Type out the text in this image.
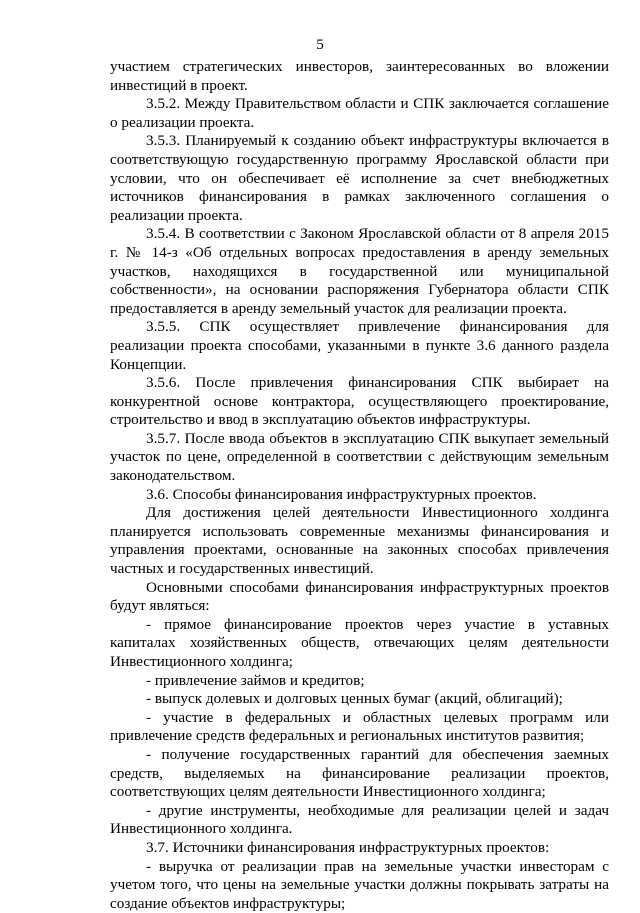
5

участием стратегических инвесторов, заинтересованных во вложении инвестиций в проект.

3.5.2. Между Правительством области и СПК заключается соглашение о реализации проекта.

3.5.3. Планируемый к созданию объект инфраструктуры включается в соответствующую государственную программу Ярославской области при условии, что он обеспечивает её исполнение за счет внебюджетных источников финансирования в рамках заключенного соглашения о реализации проекта.

3.5.4. В соответствии с Законом Ярославской области от 8 апреля 2015 г. № 14-з «Об отдельных вопросах предоставления в аренду земельных участков, находящихся в государственной или муниципальной собственности», на основании распоряжения Губернатора области СПК предоставляется в аренду земельный участок для реализации проекта.

3.5.5. СПК осуществляет привлечение финансирования для реализации проекта способами, указанными в пункте 3.6 данного раздела Концепции.

3.5.6. После привлечения финансирования СПК выбирает на конкурентной основе контрактора, осуществляющего проектирование, строительство и ввод в эксплуатацию объектов инфраструктуры.

3.5.7. После ввода объектов в эксплуатацию СПК выкупает земельный участок по цене, определенной в соответствии с действующим земельным законодательством.

3.6. Способы финансирования инфраструктурных проектов.

Для достижения целей деятельности Инвестиционного холдинга планируется использовать современные механизмы финансирования и управления проектами, основанные на законных способах привлечения частных и государственных инвестиций.

Основными способами финансирования инфраструктурных проектов будут являться:

- прямое финансирование проектов через участие в уставных капиталах хозяйственных обществ, отвечающих целям деятельности Инвестиционного холдинга;

- привлечение займов и кредитов;

- выпуск долевых и долговых ценных бумаг (акций, облигаций);

- участие в федеральных и областных целевых программ или привлечение средств федеральных и региональных институтов развития;

- получение государственных гарантий для обеспечения заемных средств, выделяемых на финансирование реализации проектов, соответствующих целям деятельности Инвестиционного холдинга;

- другие инструменты, необходимые для реализации целей и задач Инвестиционного холдинга.

3.7. Источники финансирования инфраструктурных проектов:

- выручка от реализации прав на земельные участки инвесторам с учетом того, что цены на земельные участки должны покрывать затраты на создание объектов инфраструктуры;
